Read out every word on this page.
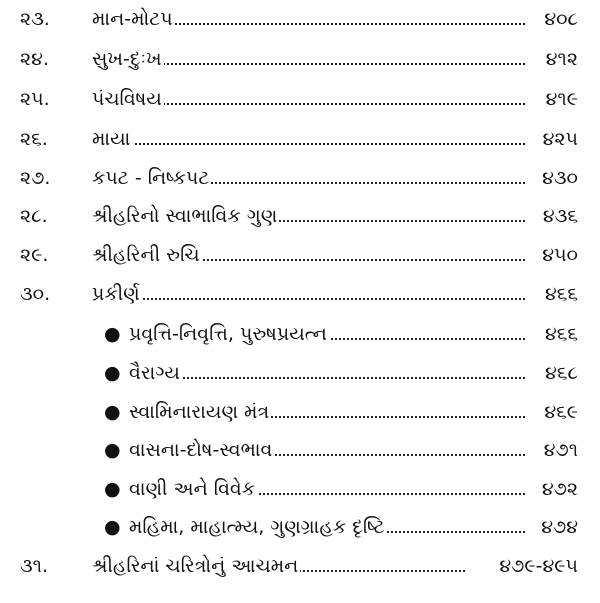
૨૩. માન-મોટપ	૪૦૮
૨૪. સુખ-દુઃખ	૪૧૨
૨૫. પંચવિષય	૪૧૯
૨૬. માયા	૪૨૫
૨૭. કપટ - નિષ્કપટ	૪૩૦
૨૮. શ્રીહરિનો સ્વાભાવિક ગુણ	૪૩૬
૨૯. શ્રીહરિની રુચિ	૪૫૦
૩૦. પ્રકીર્ણ	૪૬૬
● પ્રવૃત્તિ-નિવૃત્તિ, પુરુષપ્રયત્ન	૪૬૬
● વૈરાગ્ય	૪૬૮
● સ્વામિનારાયણ મંત્ર	૪૬૯
● વાસના-દોષ-સ્વભાવ	૪૭૧
● વાણી અને વિવેક	૪૭૨
● મહિમા, માહાત્મ્ય, ગુણગ્રાહક દૃષ્ટિ	૪૭૪
૩૧. શ્રીહરિનાં ચરિત્રોનું આચમન	૪૭૯-૪૯૫
